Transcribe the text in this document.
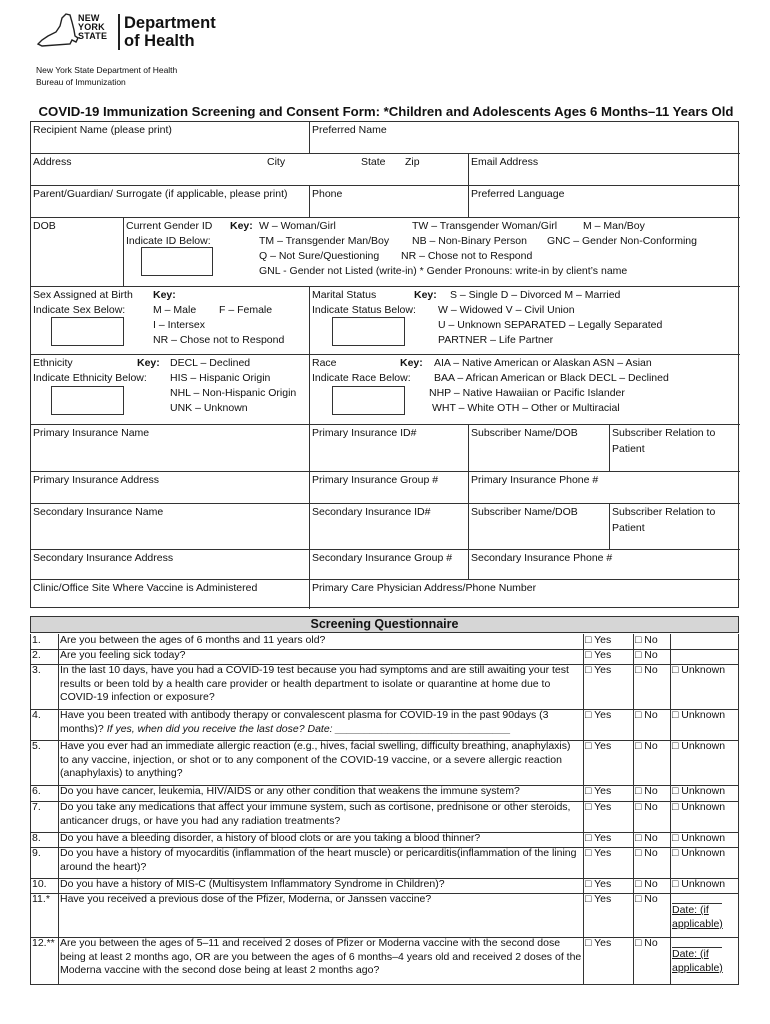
NEW
YORK
STATE
Department
of Health
New York State Department of Health
Bureau of Immunization
COVID-19 Immunization Screening and Consent Form: *Children and Adolescents Ages 6 Months–11 Years Old
Recipient Name (please print)	Preferred Name
Address	City	State Zip	Email Address
Parent/Guardian/ Surrogate (if applicable, please print)	Phone	Preferred Language
DOB	Current Gender ID
Indicate ID Below:
Key: W – Woman/Girl	TW – Transgender Woman/Girl M – Man/Boy
TM – Transgender Man/Boy NB – Non-Binary Person GNC – Gender Non-Conforming
Q – Not Sure/Questioning NR – Chose not to Respond
GNL - Gender not Listed (write-in) * Gender Pronouns: write-in by client’s name
Sex Assigned at Birth
Indicate Sex Below:
Key:
M – Male F – Female
I – Intersex
NR – Chose not to Respond
Marital Status
Indicate Status Below:
Key: S – Single D – Divorced M – Married
W – Widowed V – Civil Union
U – Unknown SEPARATED – Legally Separated
PARTNER – Life Partner
Ethnicity
Indicate Ethnicity Below:
Key: DECL – Declined
HIS – Hispanic Origin
NHL – Non-Hispanic Origin
UNK – Unknown
Race
Indicate Race Below:
Key: AIA – Native American or Alaskan ASN – Asian
BAA – African American or Black DECL – Declined
NHP – Native Hawaiian or Pacific Islander
WHT – White OTH – Other or Multiracial
Primary Insurance Name	Primary Insurance ID#	Subscriber Name/DOB	Subscriber Relation to Patient
Primary Insurance Address	Primary Insurance Group #	Primary Insurance Phone #
Secondary Insurance Name	Secondary Insurance ID#	Subscriber Name/DOB	Subscriber Relation to Patient
Secondary Insurance Address	Secondary Insurance Group #	Secondary Insurance Phone #
Clinic/Office Site Where Vaccine is Administered	Primary Care Physician Address/Phone Number
Screening Questionnaire
1. Are you between the ages of 6 months and 11 years old?	□ Yes □ No
2. Are you feeling sick today?	□ Yes □ No
3. In the last 10 days, have you had a COVID-19 test because you had symptoms and are still awaiting your test results or been told by a health care provider or health department to isolate or quarantine at home due to COVID-19 infection or exposure?
□ Yes □ No □ Unknown
4. Have you been treated with antibody therapy or convalescent plasma for COVID-19 in the past 90days (3 months)? If yes, when did you receive the last dose? Date: ______________________________
□ Yes □ No □ Unknown
5. Have you ever had an immediate allergic reaction (e.g., hives, facial swelling, difficulty breathing, anaphylaxis) to any vaccine, injection, or shot or to any component of the COVID-19 vaccine, or a severe allergic reaction (anaphylaxis) to anything?
□ Yes □ No □ Unknown
6. Do you have cancer, leukemia, HIV/AIDS or any other condition that weakens the immune system?	□ Yes □ No □ Unknown
7. Do you take any medications that affect your immune system, such as cortisone, prednisone or other steroids, anticancer drugs, or have you had any radiation treatments?
□ Yes □ No □ Unknown
8. Do you have a bleeding disorder, a history of blood clots or are you taking a blood thinner?	□ Yes □ No □ Unknown
9. Do you have a history of myocarditis (inflammation of the heart muscle) or pericarditis(inflammation of the lining around the heart)?
□ Yes □ No □ Unknown
10. Do you have a history of MIS-C (Multisystem Inflammatory Syndrome in Children)?	□ Yes □ No □ Unknown
11.* Have you received a previous dose of the Pfizer, Moderna, or Janssen vaccine?	□ Yes □ No
Date: (if applicable)
12.** Are you between the ages of 5–11 and received 2 doses of Pfizer or Moderna vaccine with the second dose being at least 2 months ago, OR are you between the ages of 6 months–4 years old and received 2 doses of the Moderna vaccine with the second dose being at least 2 months ago?
□ Yes □ No
Date: (if applicable)
